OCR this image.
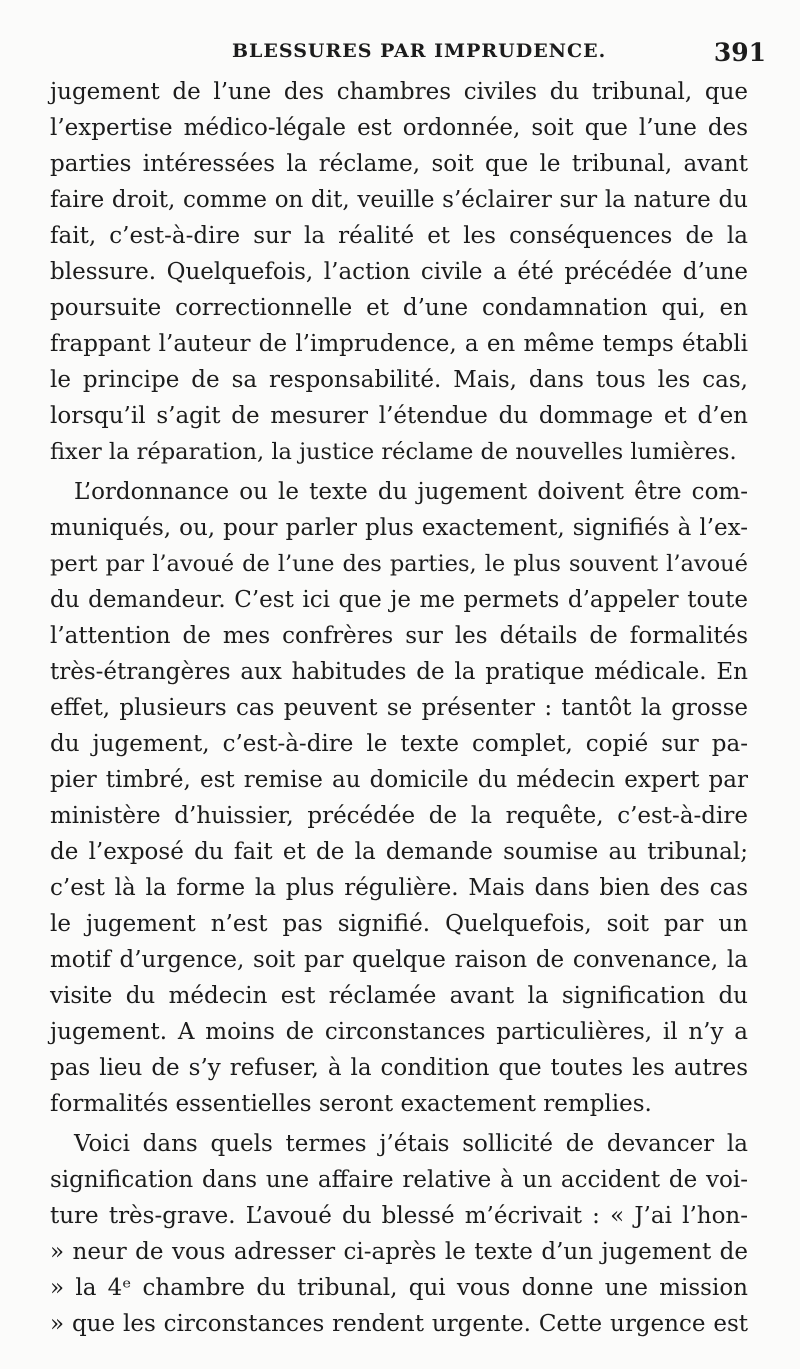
BLESSURES PAR IMPRUDENCE.	391
jugement de l’une des chambres civiles du tribunal, que
l’expertise médico-légale est ordonnée, soit que l’une des
parties intéressées la réclame, soit que le tribunal, avant
faire droit, comme on dit, veuille s’éclairer sur la nature du
fait, c’est-à-dire sur la réalité et les conséquences de la
blessure. Quelquefois, l’action civile a été précédée d’une
poursuite correctionnelle et d’une condamnation qui, en
frappant l’auteur de l’imprudence, a en même temps établi
le principe de sa responsabilité. Mais, dans tous les cas,
lorsqu’il s’agit de mesurer l’étendue du dommage et d’en
fixer la réparation, la justice réclame de nouvelles lumières.
L’ordonnance ou le texte du jugement doivent être com-
muniqués, ou, pour parler plus exactement, signifiés à l’ex-
pert par l’avoué de l’une des parties, le plus souvent l’avoué
du demandeur. C’est ici que je me permets d’appeler toute
l’attention de mes confrères sur les détails de formalités
très-étrangères aux habitudes de la pratique médicale. En
effet, plusieurs cas peuvent se présenter : tantôt la grosse
du jugement, c’est-à-dire le texte complet, copié sur pa-
pier timbré, est remise au domicile du médecin expert par
ministère d’huissier, précédée de la requête, c’est-à-dire
de l’exposé du fait et de la demande soumise au tribunal;
c’est là la forme la plus régulière. Mais dans bien des cas
le jugement n’est pas signifié. Quelquefois, soit par un
motif d’urgence, soit par quelque raison de convenance, la
visite du médecin est réclamée avant la signification du
jugement. A moins de circonstances particulières, il n’y a
pas lieu de s’y refuser, à la condition que toutes les autres
formalités essentielles seront exactement remplies.
Voici dans quels termes j’étais sollicité de devancer la
signification dans une affaire relative à un accident de voi-
ture très-grave. L’avoué du blessé m’écrivait : « J’ai l’hon-
» neur de vous adresser ci-après le texte d’un jugement de
» la 4ᵉ chambre du tribunal, qui vous donne une mission
» que les circonstances rendent urgente. Cette urgence est
